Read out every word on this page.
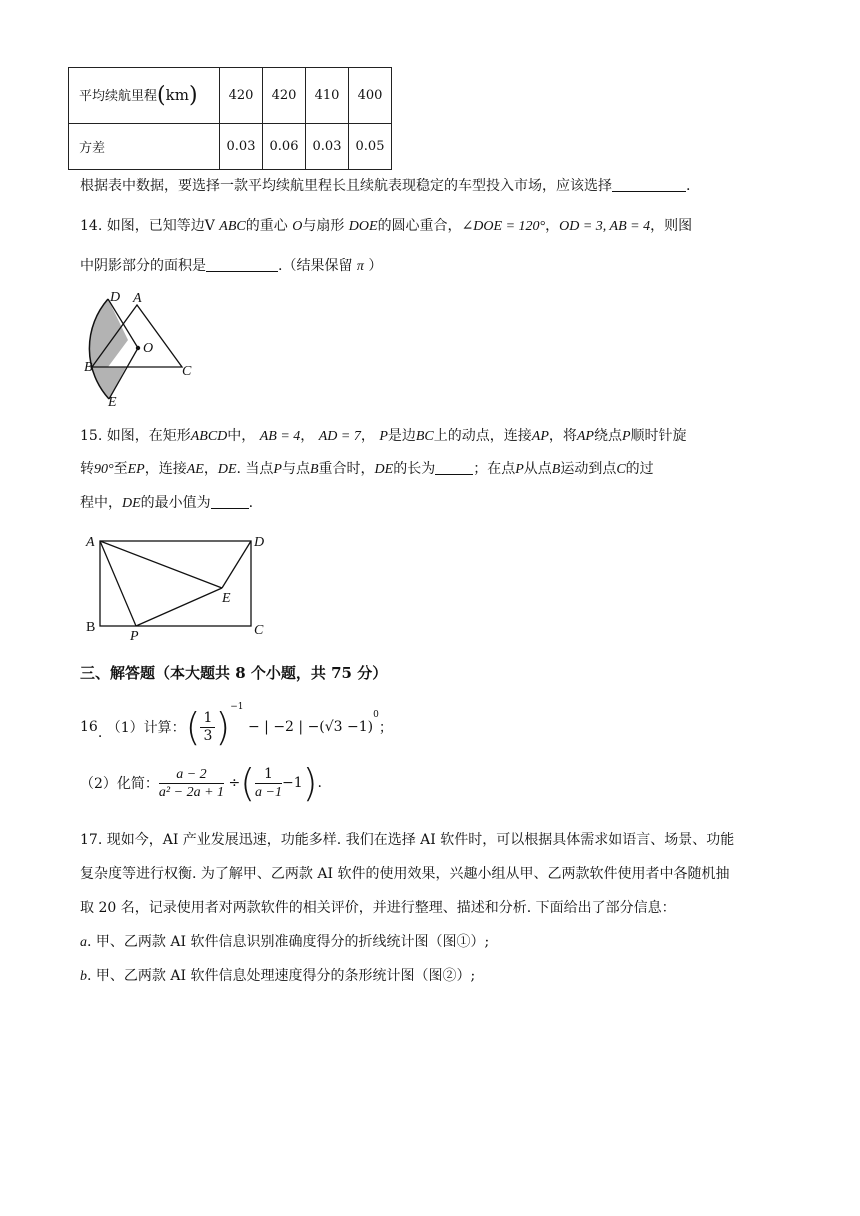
平均续航里程(km)	420	420	410	400
方差	0.03	0.06	0.03	0.05
根据表中数据，要选择一款平均续航里程长且续航表现稳定的车型投入市场，应该选择	.
14. 如图，已知等边V ABC的重心 O与扇形 DOE的圆心重合，∠DOE = 120°，OD = 3, AB = 4，则图
中阴影部分的面积是	.（结果保留 π ）
D A
O
B	C
E
15. 如图，在矩形ABCD中， AB = 4， AD = 7， P是边BC上的动点，连接AP，将AP绕点P顺时针旋
转90°至EP，连接AE，DE. 当点P与点B重合时，DE的长为	；在点P从点B运动到点C的过
程中，DE的最小值为	.
A	D
E
B
P	C
三、解答题（本大题共 8 个小题，共 75 分）
16. （1）计算：( $\frac{1}{3} )^{-1}$ − | −2 | $-(√3 -1)^0$；
（2）化简： $\frac{a - 2}{\text{a² − 2a + 1}}$ ÷( $\frac{1}{a -1} -1$).
17. 现如今，AI 产业发展迅速，功能多样. 我们在选择 AI 软件时，可以根据具体需求如语言、场景、功能
复杂度等进行权衡. 为了解甲、乙两款 AI 软件的使用效果，兴趣小组从甲、乙两款软件使用者中各随机抽
取 20 名，记录使用者对两款软件的相关评价，并进行整理、描述和分析. 下面给出了部分信息：
a. 甲、乙两款 AI 软件信息识别准确度得分的折线统计图（图①）;
b. 甲、乙两款 AI 软件信息处理速度得分的条形统计图（图②）;
